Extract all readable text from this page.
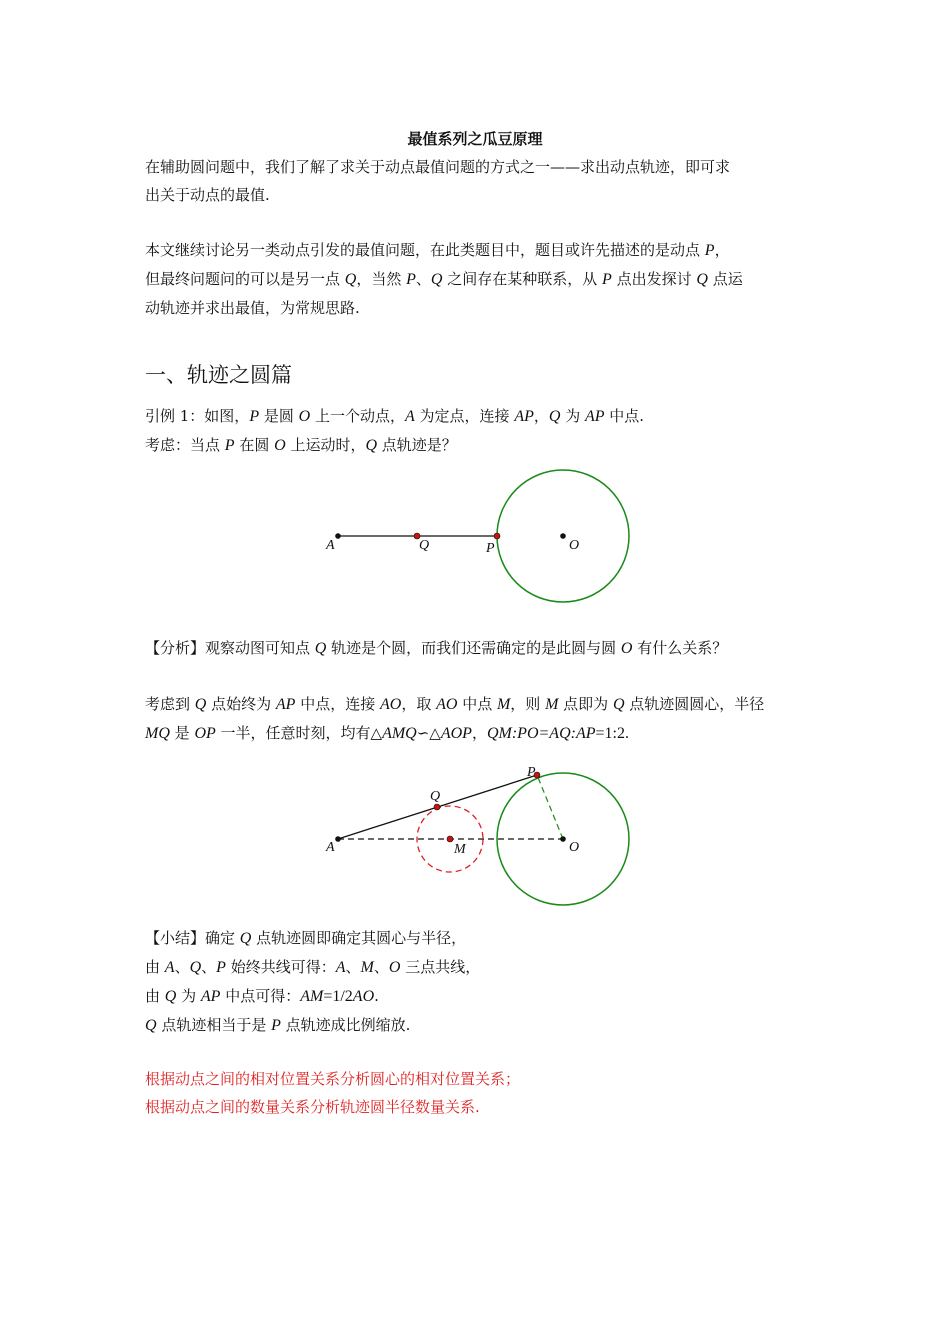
最值系列之瓜豆原理

在辅助圆问题中，我们了解了求关于动点最值问题的方式之一——求出动点轨迹，即可求
出关于动点的最值.

本文继续讨论另一类动点引发的最值问题，在此类题目中，题目或许先描述的是动点 P，
但最终问题问的可以是另一点 Q，当然 P、Q 之间存在某种联系，从 P 点出发探讨 Q 点运
动轨迹并求出最值，为常规思路.

一、轨迹之圆篇

引例 1：如图，P 是圆 O 上一个动点，A 为定点，连接 AP，Q 为 AP 中点.
考虑：当点 P 在圆 O 上运动时，Q 点轨迹是？

A	Q	P	O
A
Q
P
M	O

【分析】观察动图可知点 Q 轨迹是个圆，而我们还需确定的是此圆与圆 O 有什么关系？

考虑到 Q 点始终为 AP 中点，连接 AO，取 AO 中点 M，则 M 点即为 Q 点轨迹圆圆心，半径
MQ 是 OP 一半，任意时刻，均有△AMQ∽△AOP，QM:PO=AQ:AP=1:2.

【小结】确定 Q 点轨迹圆即确定其圆心与半径，
由 A、Q、P 始终共线可得：A、M、O 三点共线，
由 Q 为 AP 中点可得：AM=1/2AO.
Q 点轨迹相当于是 P 点轨迹成比例缩放.

根据动点之间的相对位置关系分析圆心的相对位置关系；
根据动点之间的数量关系分析轨迹圆半径数量关系.
